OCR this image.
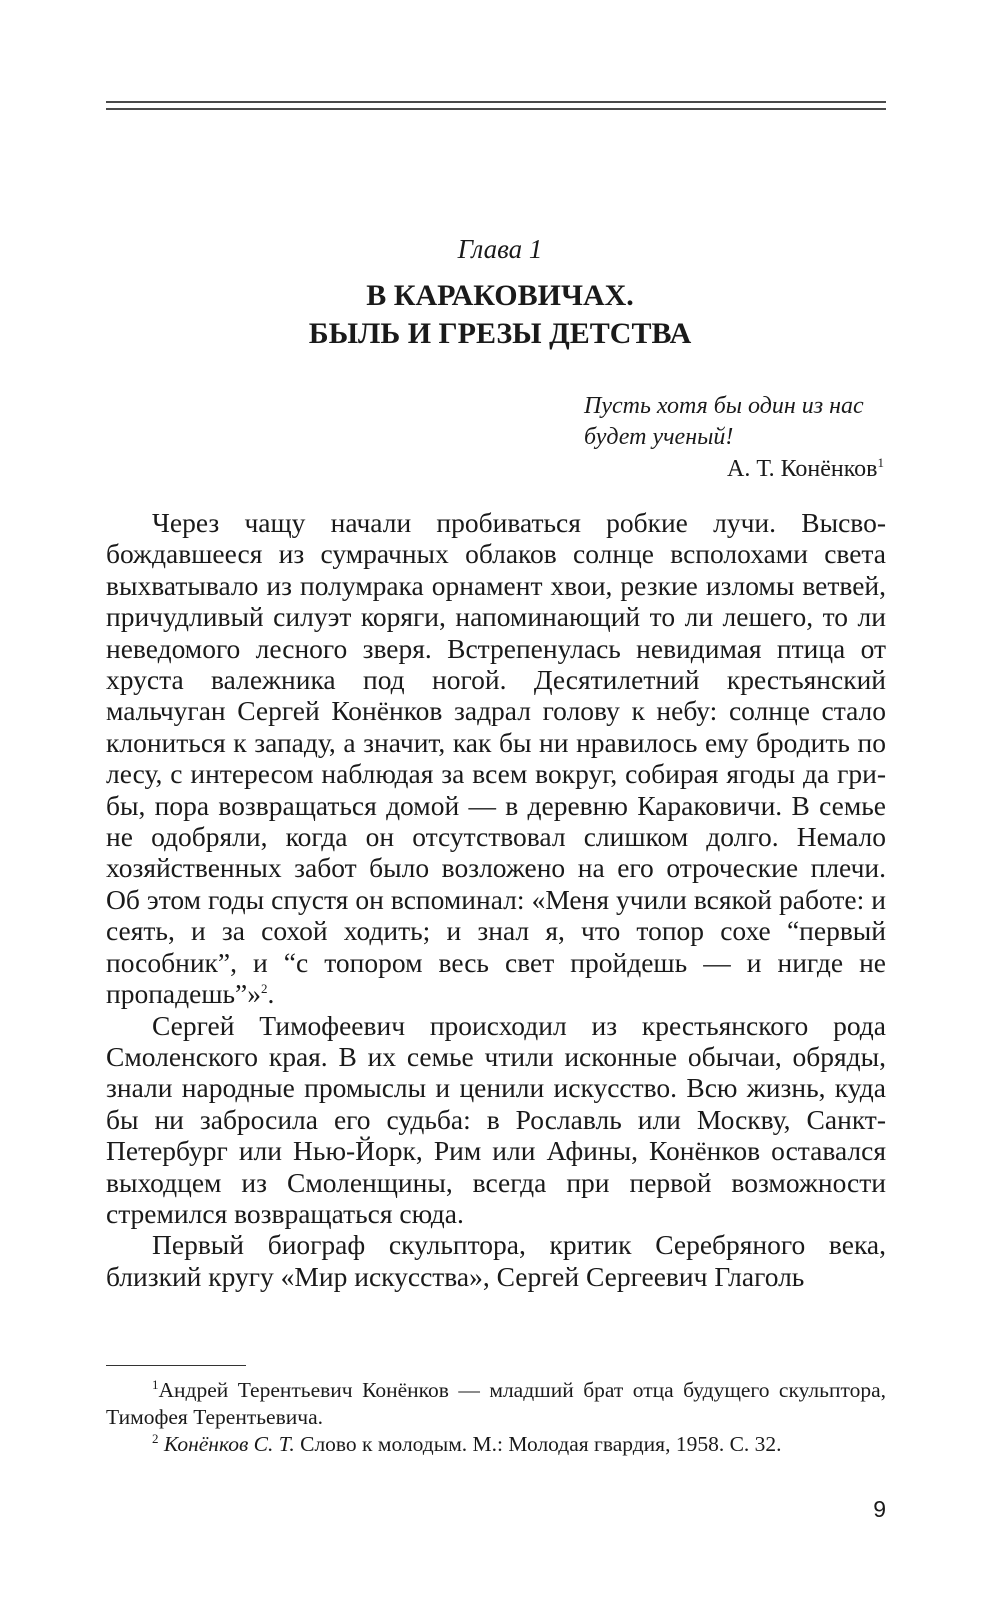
Глава 1
В КАРАКОВИЧАХ.
БЫЛЬ И ГРЕЗЫ ДЕТСТВА
Пусть хотя бы один из нас
будет ученый!
А. Т. Конёнков$^1$

Через чащу начали пробиваться робкие лучи. Высвобождавшееся из сумрачных облаков солнце всполохами света выхватывало из полумрака орнамент хвои, резкие изломы ветвей, причудливый силуэт коряги, напоминающий то ли лешего, то ли неведомого лесного зверя. Встрепенулась невидимая птица от хруста валежника под ногой. Десятилетний крестьянский мальчуган Сергей Конёнков задрал голову к небу: солнце стало клониться к западу, а значит, как бы ни нравилось ему бродить по лесу, с интересом наблюдая за всем вокруг, собирая ягоды да грибы, пора возвращаться домой — в деревню Караковичи. В семье не одобряли, когда он отсутствовал слишком долго. Немало хозяйственных забот было возложено на его отроческие плечи. Об этом годы спустя он вспоминал: «Меня учили всякой работе: и сеять, и за сохой ходить; и знал я, что топор сохе “первый пособник”, и “с топором весь свет пройдешь — и нигде не пропадешь”»$^2$.

Сергей Тимофеевич происходил из крестьянского рода Смоленского края. В их семье чтили исконные обычаи, обряды, знали народные промыслы и ценили искусство. Всю жизнь, куда бы ни забросила его судьба: в Рославль или Москву, Санкт-Петербург или Нью-Йорк, Рим или Афины, Конёнков оставался выходцем из Смоленщины, всегда при первой возможности стремился возвращаться сюда.

Первый биограф скульптора, критик Серебряного века, близкий кругу «Мир искусства», Сергей Сергеевич Глаголь

$^1$Андрей Терентьевич Конёнков — младший брат отца будущего скульптора, Тимофея Терентьевича.

$^2$ Конёнков С. Т. Слово к молодым. М.: Молодая гвардия, 1958. С. 32.

9
